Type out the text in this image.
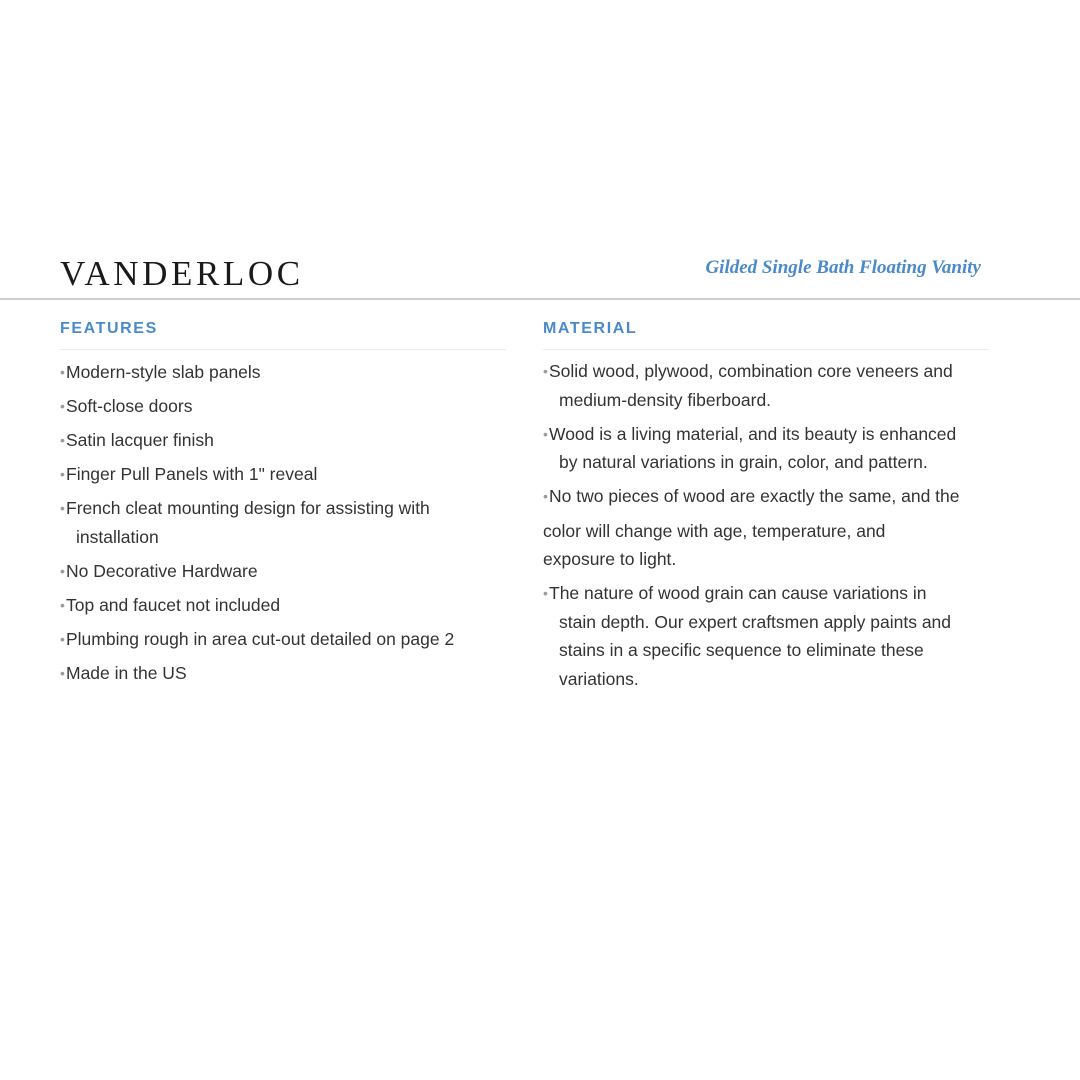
VANDERLOC	Gilded Single Bath Floating Vanity
FEATURES
• Modern-style slab panels
• Soft-close doors
• Satin lacquer finish
• Finger Pull Panels with 1" reveal
• French cleat mounting design for assisting with
installation
• No Decorative Hardware
• Top and faucet not included
• Plumbing rough in area cut-out detailed on page 2
• Made in the US
MATERIAL
• Solid wood, plywood, combination core veneers and
medium-density fiberboard.
• Wood is a living material, and its beauty is enhanced
by natural variations in grain, color, and pattern.
• No two pieces of wood are exactly the same, and the
color will change with age, temperature, and
exposure to light.
• The nature of wood grain can cause variations in
stain depth. Our expert craftsmen apply paints and
stains in a specific sequence to eliminate these
variations.
